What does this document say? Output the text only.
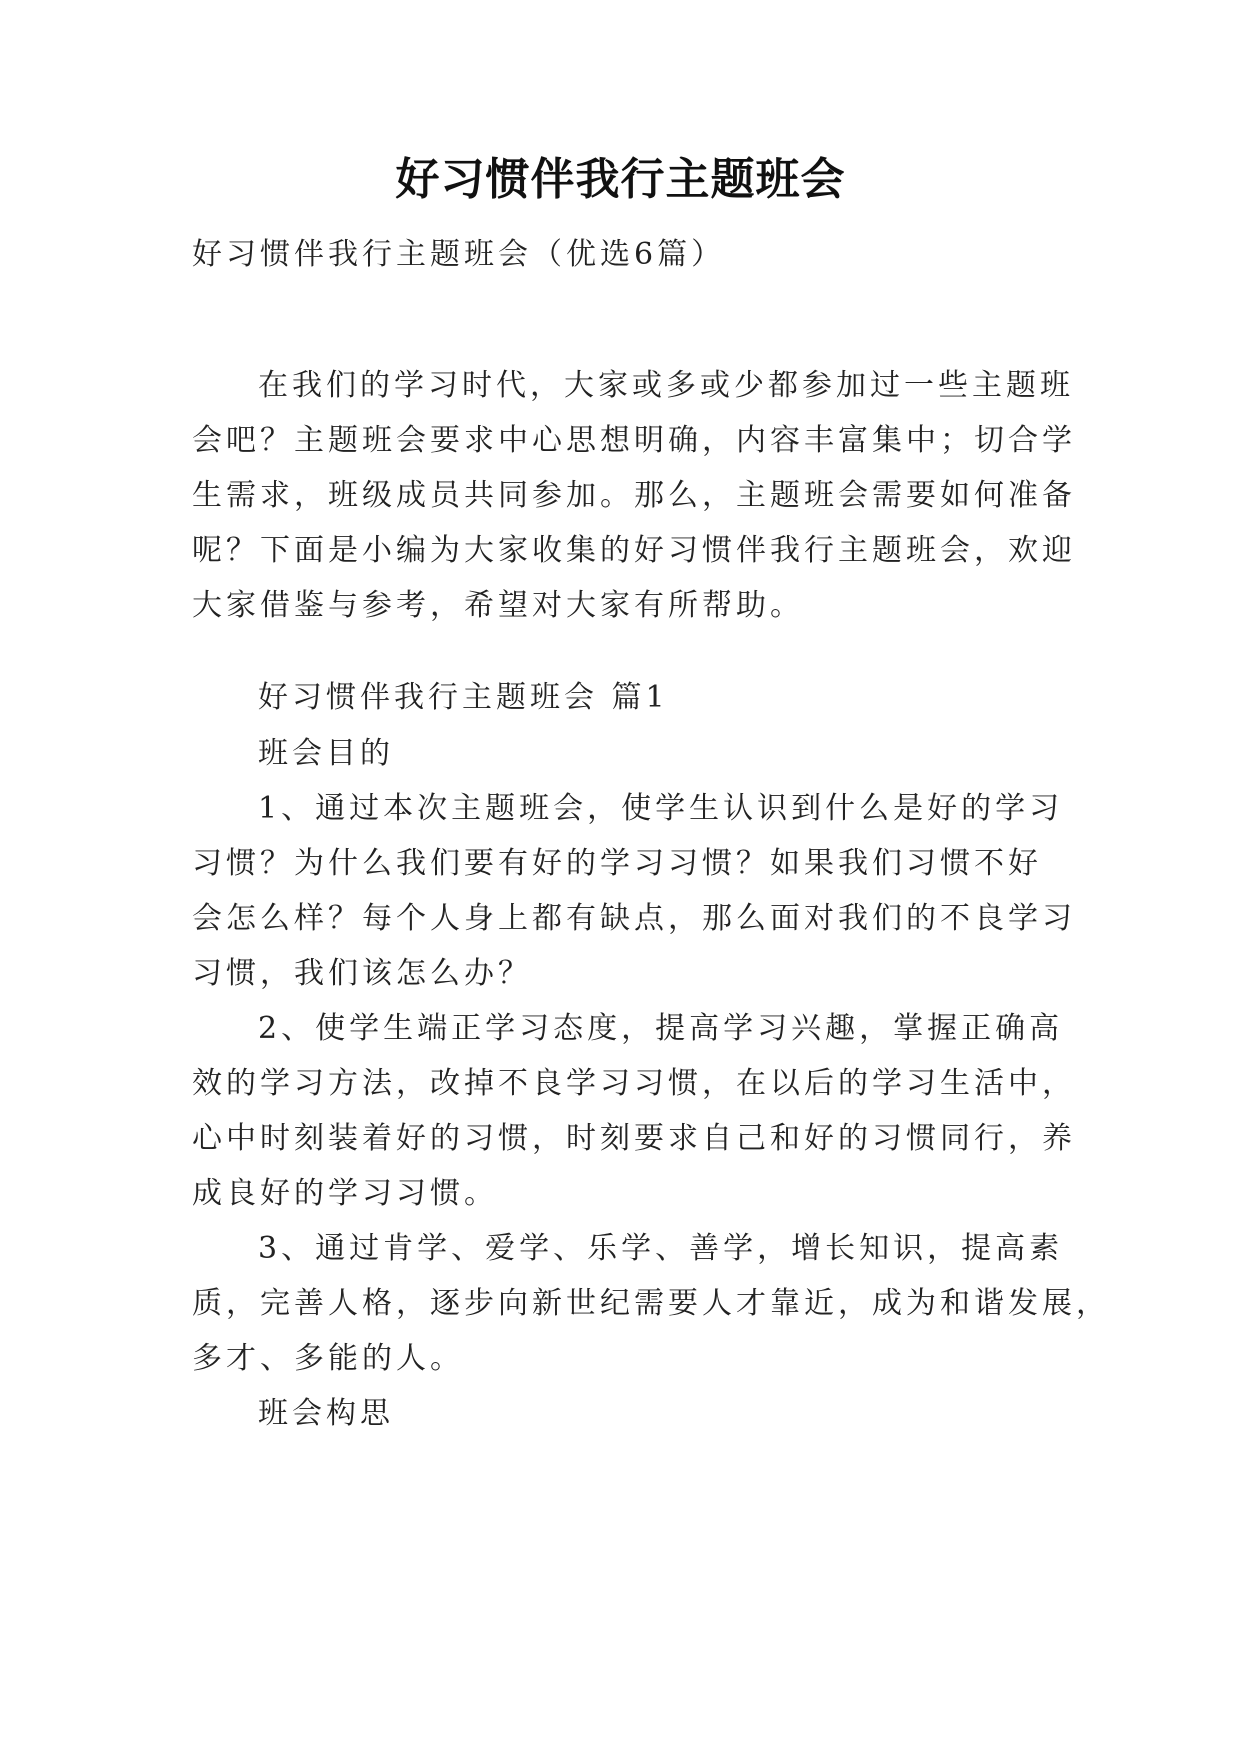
好习惯伴我行主题班会
好习惯伴我行主题班会（优选6篇）
在我们的学习时代，大家或多或少都参加过一些主题班
会吧？主题班会要求中心思想明确，内容丰富集中；切合学
生需求，班级成员共同参加。那么，主题班会需要如何准备
呢？下面是小编为大家收集的好习惯伴我行主题班会，欢迎
大家借鉴与参考，希望对大家有所帮助。
好习惯伴我行主题班会 篇1
班会目的
1、通过本次主题班会，使学生认识到什么是好的学习
习惯？为什么我们要有好的学习习惯？如果我们习惯不好
会怎么样？每个人身上都有缺点，那么面对我们的不良学习
习惯，我们该怎么办？
2、使学生端正学习态度，提高学习兴趣，掌握正确高
效的学习方法，改掉不良学习习惯，在以后的学习生活中，
心中时刻装着好的习惯，时刻要求自己和好的习惯同行，养
成良好的学习习惯。
3、通过肯学、爱学、乐学、善学，增长知识，提高素
质，完善人格，逐步向新世纪需要人才靠近，成为和谐发展，
多才、多能的人。
班会构思
